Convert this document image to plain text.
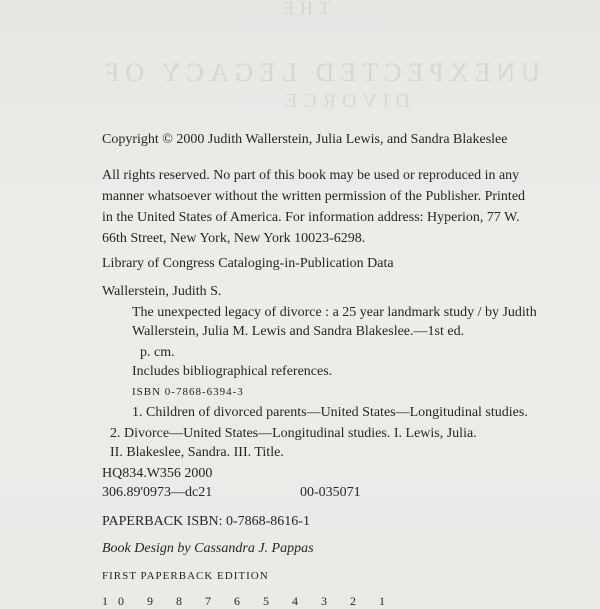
THE
UNEXPECTED LEGACY OF
DIVORCE
Copyright © 2000 Judith Wallerstein, Julia Lewis, and Sandra Blakeslee
All rights reserved. No part of this book may be used or reproduced in any
manner whatsoever without the written permission of the Publisher. Printed
in the United States of America. For information address: Hyperion, 77 W.
66th Street, New York, New York 10023-6298.
Library of Congress Cataloging-in-Publication Data
Wallerstein, Judith S.
The unexpected legacy of divorce : a 25 year landmark study / by Judith
Wallerstein, Julia M. Lewis and Sandra Blakeslee.—1st ed.
p. cm.
Includes bibliographical references.
ISBN 0-7868-6394-3
1. Children of divorced parents—United States—Longitudinal studies.
2. Divorce—United States—Longitudinal studies. I. Lewis, Julia.
II. Blakeslee, Sandra. III. Title.
HQ834.W356 2000
306.89'0973—dc21	00-035071
PAPERBACK ISBN: 0-7868-8616-1
Book Design by Cassandra J. Pappas
FIRST PAPERBACK EDITION
10 9 8 7 6 5 4 3 2 1
